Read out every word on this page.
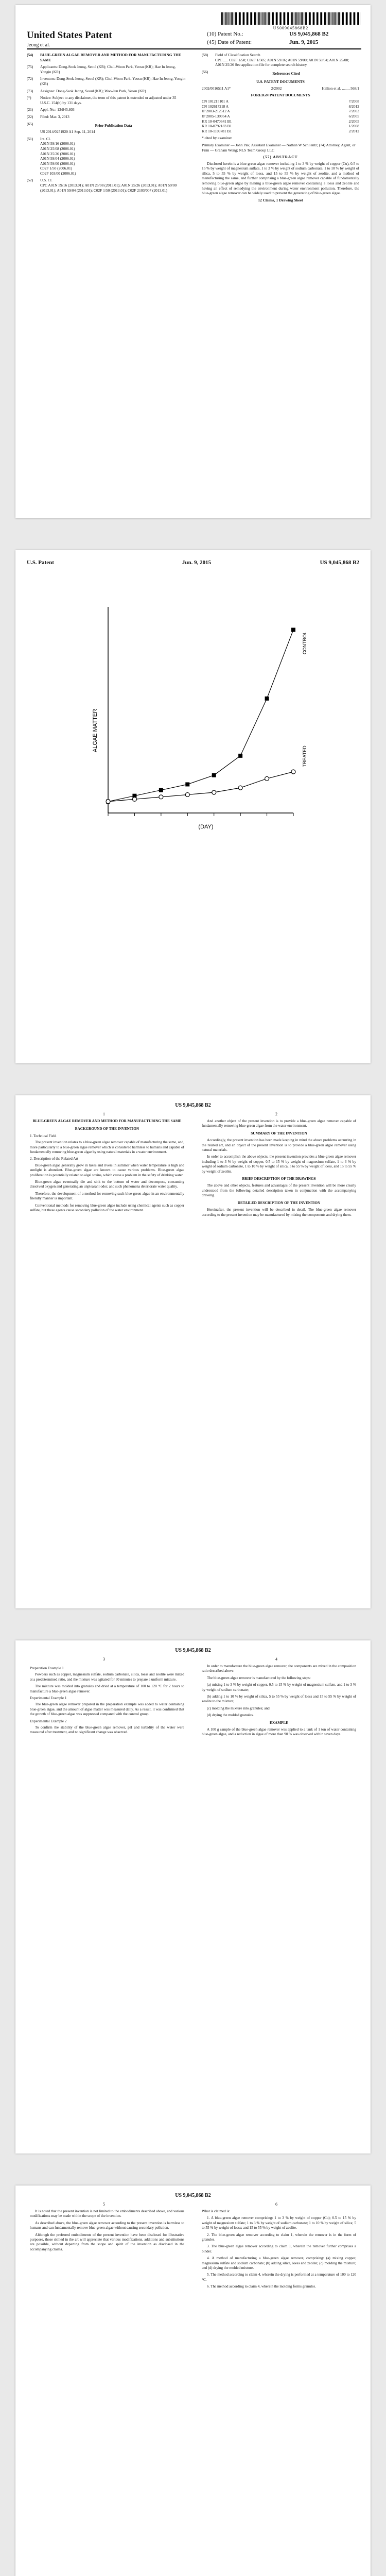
US009045868B2
United States Patent
Jeong et al.
(10) Patent No.:	US 9,045,868 B2
(45) Date of Patent:	Jun. 9, 2015
(54) BLUE-GREEN ALGAE REMOVER AND METHOD FOR MANUFACTURING THE SAME
(75) Applicants: Dong-Seok Jeong, Seoul (KR); Chul-Woon Park, Yeosu (KR); Hae In Jeong, Yongin (KR)
(72) Inventors: Dong-Seok Jeong, Seoul (KR); Chul-Woon Park, Yeosu (KR); Hae In Jeong, Yongin (KR)
(73) Assignee: Dong-Seok Jeong, Seoul (KR); Woo-Jun Park, Yeosu (KR)
(*) Notice: Subject to any disclaimer, the term of this patent is extended or adjusted under 35 U.S.C. 154(b) by 131 days.
(21) Appl. No.: 13/845,803
(22) Filed: Mar. 3, 2013
(65)	Prior Publication Data
US 2014/0251920 A1 Sep. 11, 2014
(51) Int. Cl.
A01N 59/16 (2006.01)
A01N 25/08 (2006.01)
A01N 25/26 (2006.01)
A01N 59/04 (2006.01)
A01N 59/00 (2006.01)
C02F 1/50 (2006.01)
C02F 103/00 (2006.01)
(52) U.S. Cl.
CPC A01N 59/16 (2013.01); A01N 25/08 (2013.01); A01N 25/26 (2013.01); A01N 59/00 (2013.01); A01N 59/04 (2013.01); C02F 1/50 (2013.01); C02F 2103/007 (2013.01)
(58) Field of Classification Search
CPC ..... C02F 1/50; C02F 1/505; A01N 59/16; A01N 59/00; A01N 59/04; A01N 25/08; A01N 25/26 See application file for complete search history.
(56)	References Cited
U.S. PATENT DOCUMENTS
2002/0016511 A1*	2/2002	Hillion et al. ........ 568/1
FOREIGN PATENT DOCUMENTS
CN 101215101 A	7/2008
CN 102617218 A	8/2012
JP 2003-212512 A	7/2003
JP 2005-139054 A	6/2005
KR 10-0470641 B1	2/2005
KR 10-0792183 B1	1/2008
KR 10-1109781 B1	2/2012
* cited by examiner
Primary Examiner — John Pak; Assistant Examiner — Nathan W Schlientz; (74) Attorney, Agent, or Firm — Graham Wong; NLS Team Group LLC
(57) ABSTRACT
Disclosed herein is a blue-green algae remover including 1 to 3 % by weight of copper (Cu), 0.5 to 15 % by weight of magnesium sulfate, 1 to 3 % by weight of sodium carbonate, 1 to 10 % by weight of silica, 5 to 55 % by weight of loess, and 15 to 55 % by weight of zeolite, and a method of manufacturing the same, and further comprising a blue-green algae remover capable of fundamentally removing blue-green algae by making a blue-green algae remover containing a loess and zeolite and having an effect of remedying the environment during water environment pollution. Therefore, the blue-green algae remover can be widely used to prevent the generating of blue-green algae.
12 Claims, 1 Drawing Sheet
U.S. Patent	Jun. 9, 2015	US 9,045,868 B2
ALGAE MATTER
(DAY)
CONTROL
TREATED
US 9,045,868 B2
1	2

BLUE-GREEN ALGAE REMOVER AND METHOD FOR MANUFACTURING THE SAME

BACKGROUND OF THE INVENTION
1. Technical Field

The present invention relates to a blue-green algae remover capable of manufacturing the same, and, more particularly to a blue-green algae remover which is considered harmless to humans and capable of fundamentally removing blue-green algae by using natural materials in a water environment.

2. Description of the Related Art

Blue-green algae generally grow in lakes and rivers in summer when water temperature is high and sunlight is abundant. Blue-green algae are known to cause various problems. Blue-green algae proliferation is potentially related to algal toxins, which cause a problem in the safety of drinking water.

Blue-green algae eventually die and sink to the bottom of water and decompose, consuming dissolved oxygen and generating an unpleasant odor, and such phenomena deteriorate water quality.

Therefore, the development of a method for removing such blue-green algae in an environmentally friendly manner is important.

Conventional methods for removing blue-green algae include using chemical agents such as copper sulfate, but these agents cause secondary pollution of the water environment.

And another object of the present invention is to provide a blue-green algae remover capable of fundamentally removing blue-green algae from the water environment.

SUMMARY OF THE INVENTION

Accordingly, the present invention has been made keeping in mind the above problems occurring in the related art, and an object of the present invention is to provide a blue-green algae remover using natural materials.

In order to accomplish the above objects, the present invention provides a blue-green algae remover including 1 to 3 % by weight of copper, 0.5 to 15 % by weight of magnesium sulfate, 1 to 3 % by weight of sodium carbonate, 1 to 10 % by weight of silica, 5 to 55 % by weight of loess, and 15 to 55 % by weight of zeolite.

BRIEF DESCRIPTION OF THE DRAWINGS

The above and other objects, features and advantages of the present invention will be more clearly understood from the following detailed description taken in conjunction with the accompanying drawing.

DETAILED DESCRIPTION OF THE INVENTION

Hereinafter, the present invention will be described in detail. The blue-green algae remover according to the present invention may be manufactured by mixing the components and drying them.

US 9,045,868 B2
3	4
Preparation Example 1

Powders such as copper, magnesium sulfate, sodium carbonate, silica, loess and zeolite were mixed at a predetermined ratio, and the mixture was agitated for 30 minutes to prepare a uniform mixture.

The mixture was molded into granules and dried at a temperature of 100 to 120 °C for 2 hours to manufacture a blue-green algae remover.

Experimental Example 1

The blue-green algae remover prepared in the preparation example was added to water containing blue-green algae, and the amount of algae matter was measured daily. As a result, it was confirmed that the growth of blue-green algae was suppressed compared with the control group.

Experimental Example 2

To confirm the stability of the blue-green algae remover, pH and turbidity of the water were measured after treatment, and no significant change was observed.

In order to manufacture the blue-green algae remover, the components are mixed in the composition ratio described above.

The blue-green algae remover is manufactured by the following steps:

(a) mixing 1 to 3 % by weight of copper, 0.5 to 15 % by weight of magnesium sulfate, and 1 to 3 % by weight of sodium carbonate;

(b) adding 1 to 10 % by weight of silica, 5 to 55 % by weight of loess and 15 to 55 % by weight of zeolite to the mixture;

(c) molding the mixture into granules; and

(d) drying the molded granules.

EXAMPLE

A 100 g sample of the blue-green algae remover was applied to a tank of 1 ton of water containing blue-green algae, and a reduction in algae of more than 90 % was observed within seven days.

US 9,045,868 B2
5	6

It is noted that the present invention is not limited to the embodiments described above, and various modifications may be made within the scope of the invention.

As described above, the blue-green algae remover according to the present invention is harmless to humans and can fundamentally remove blue-green algae without causing secondary pollution.

Although the preferred embodiments of the present invention have been disclosed for illustrative purposes, those skilled in the art will appreciate that various modifications, additions and substitutions are possible, without departing from the scope and spirit of the invention as disclosed in the accompanying claims.

What is claimed is:

1. A blue-green algae remover comprising: 1 to 3 % by weight of copper (Cu); 0.5 to 15 % by weight of magnesium sulfate; 1 to 3 % by weight of sodium carbonate; 1 to 10 % by weight of silica; 5 to 55 % by weight of loess; and 15 to 55 % by weight of zeolite.

2. The blue-green algae remover according to claim 1, wherein the remover is in the form of granules.

3. The blue-green algae remover according to claim 1, wherein the remover further comprises a binder.

4. A method of manufacturing a blue-green algae remover, comprising: (a) mixing copper, magnesium sulfate and sodium carbonate; (b) adding silica, loess and zeolite; (c) molding the mixture; and (d) drying the molded mixture.

5. The method according to claim 4, wherein the drying is performed at a temperature of 100 to 120 °C.

6. The method according to claim 4, wherein the molding forms granules.
